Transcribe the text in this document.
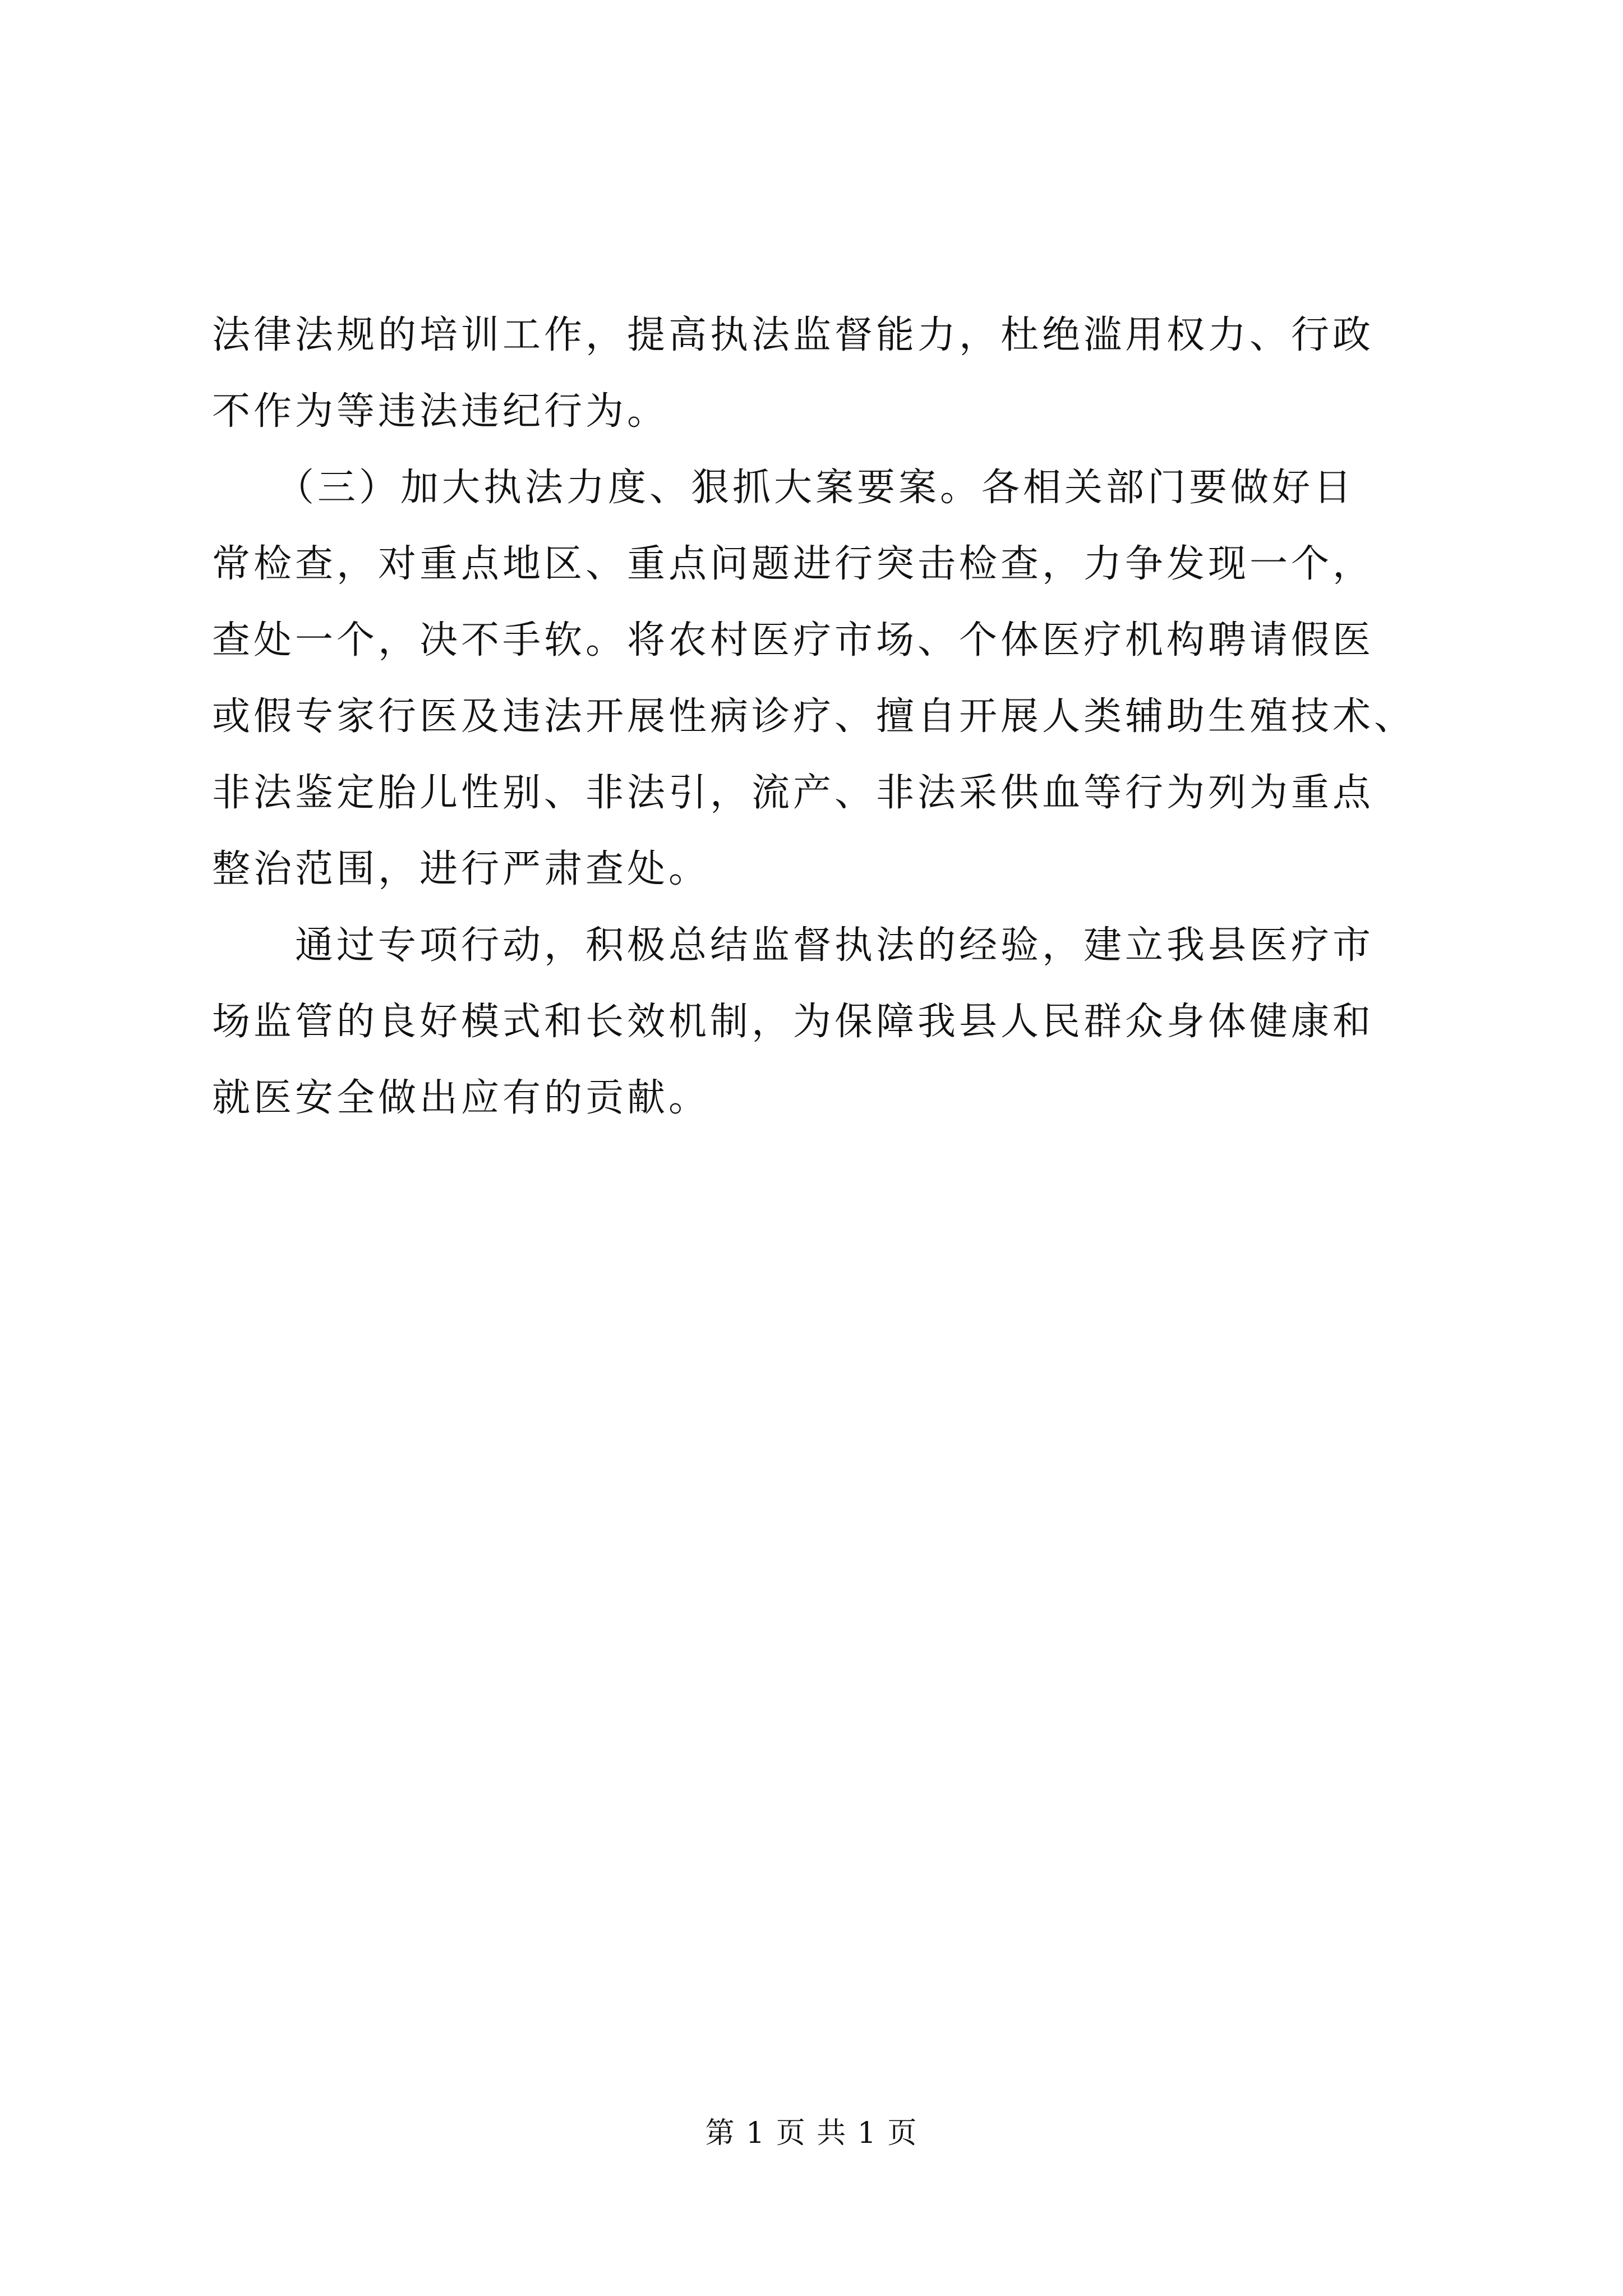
法律法规的培训工作，提高执法监督能力，杜绝滥用权力、行政
不作为等违法违纪行为。
　　（三）加大执法力度、狠抓大案要案。各相关部门要做好日
常检查，对重点地区、重点问题进行突击检查，力争发现一个，
查处一个，决不手软。将农村医疗市场、个体医疗机构聘请假医
或假专家行医及违法开展性病诊疗、擅自开展人类辅助生殖技术、
非法鉴定胎儿性别、非法引，流产、非法采供血等行为列为重点
整治范围，进行严肃查处。
　　通过专项行动，积极总结监督执法的经验，建立我县医疗市
场监管的良好模式和长效机制，为保障我县人民群众身体健康和
就医安全做出应有的贡献。
第 1 页 共 1 页
